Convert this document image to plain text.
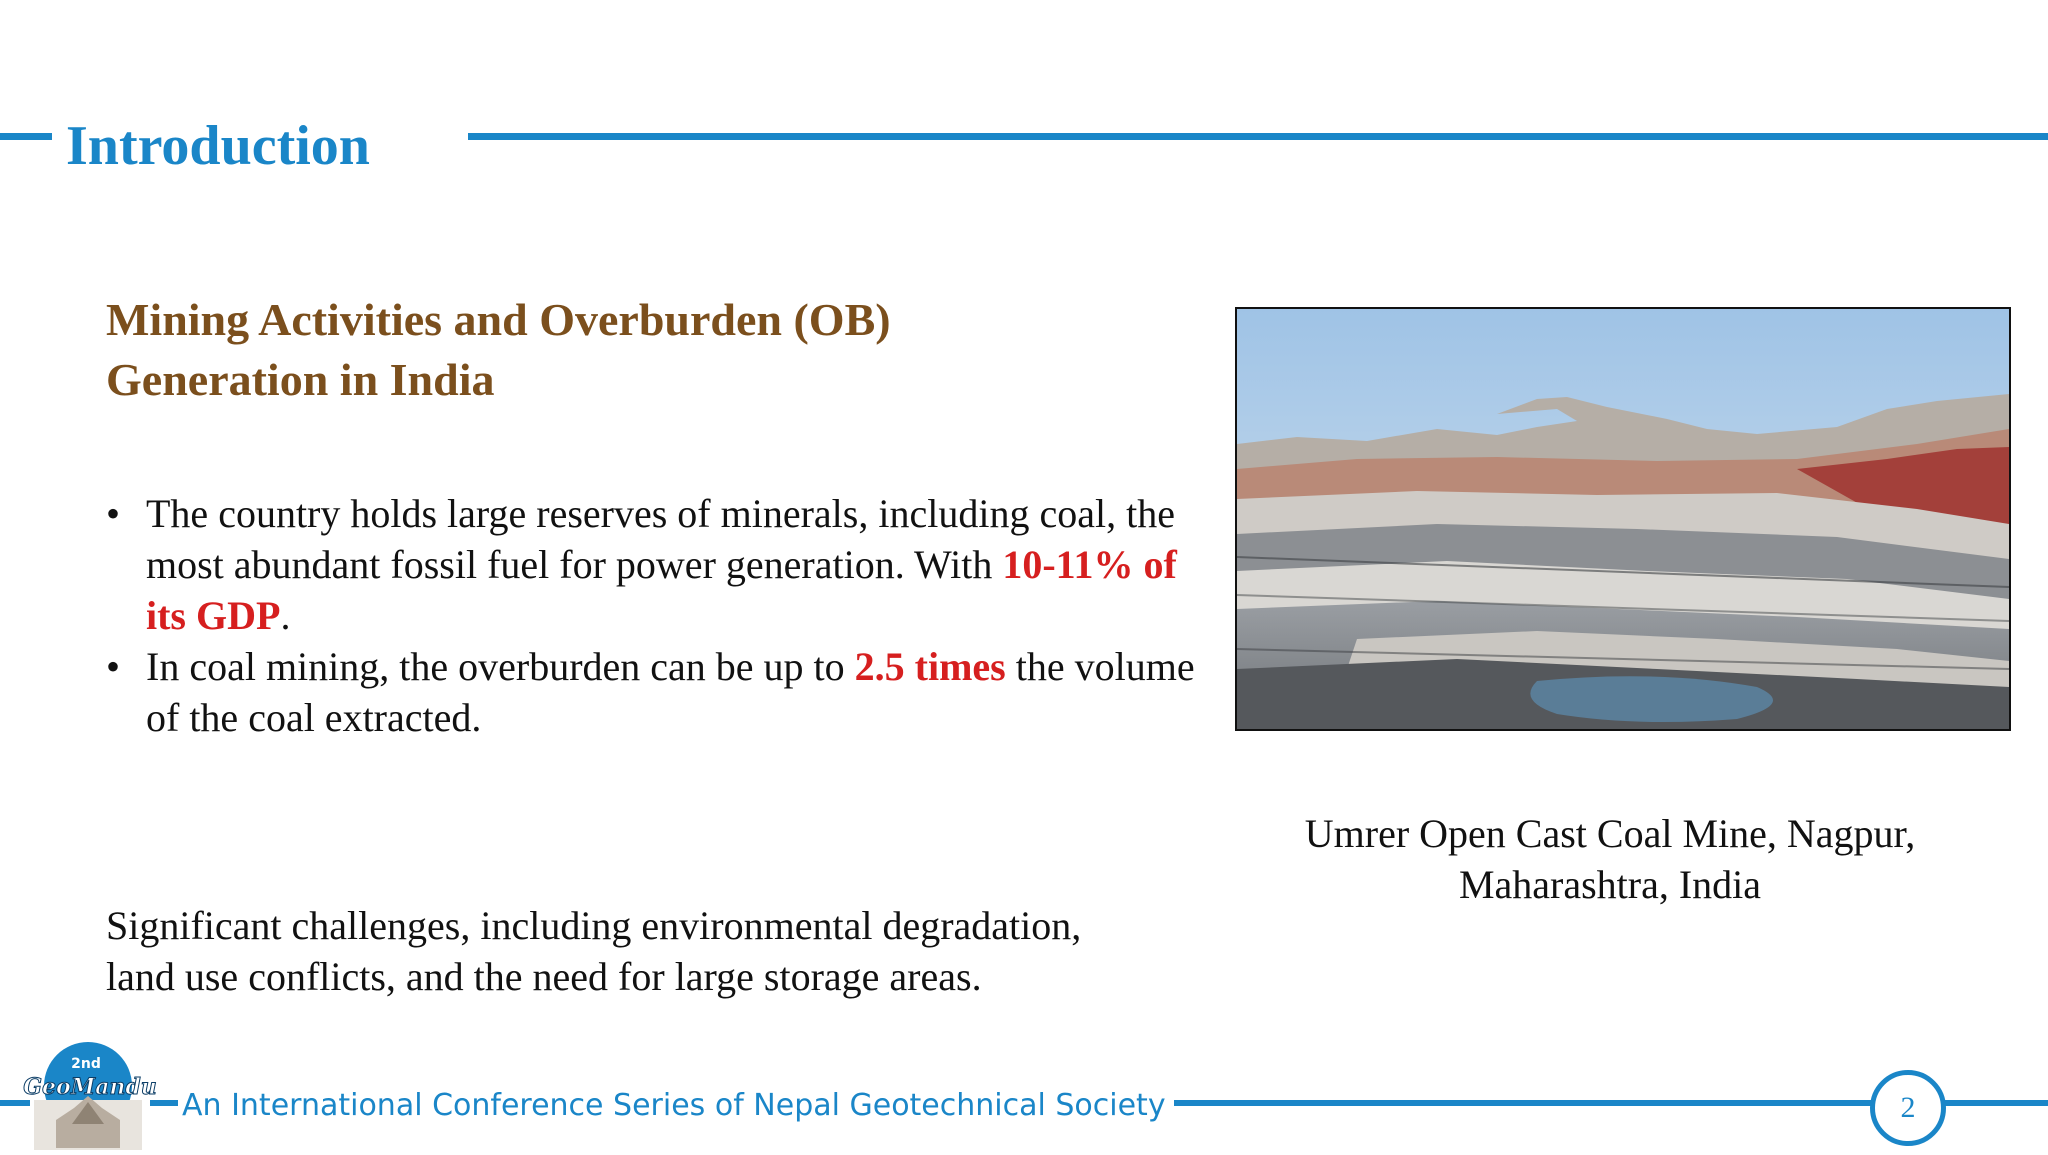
Introduction
Mining Activities and Overburden (OB)
Generation in India
• The country holds large reserves of minerals, including coal, the most abundant fossil fuel for power generation. With 10-11% of its GDP.
• In coal mining, the overburden can be up to 2.5 times the volume of the coal extracted.

Significant challenges, including environmental degradation,
land use conflicts, and the need for large storage areas.

Umrer Open Cast Coal Mine, Nagpur,
Maharashtra, India

2nd
GeoMandu
An International Conference Series of Nepal Geotechnical Society	2
